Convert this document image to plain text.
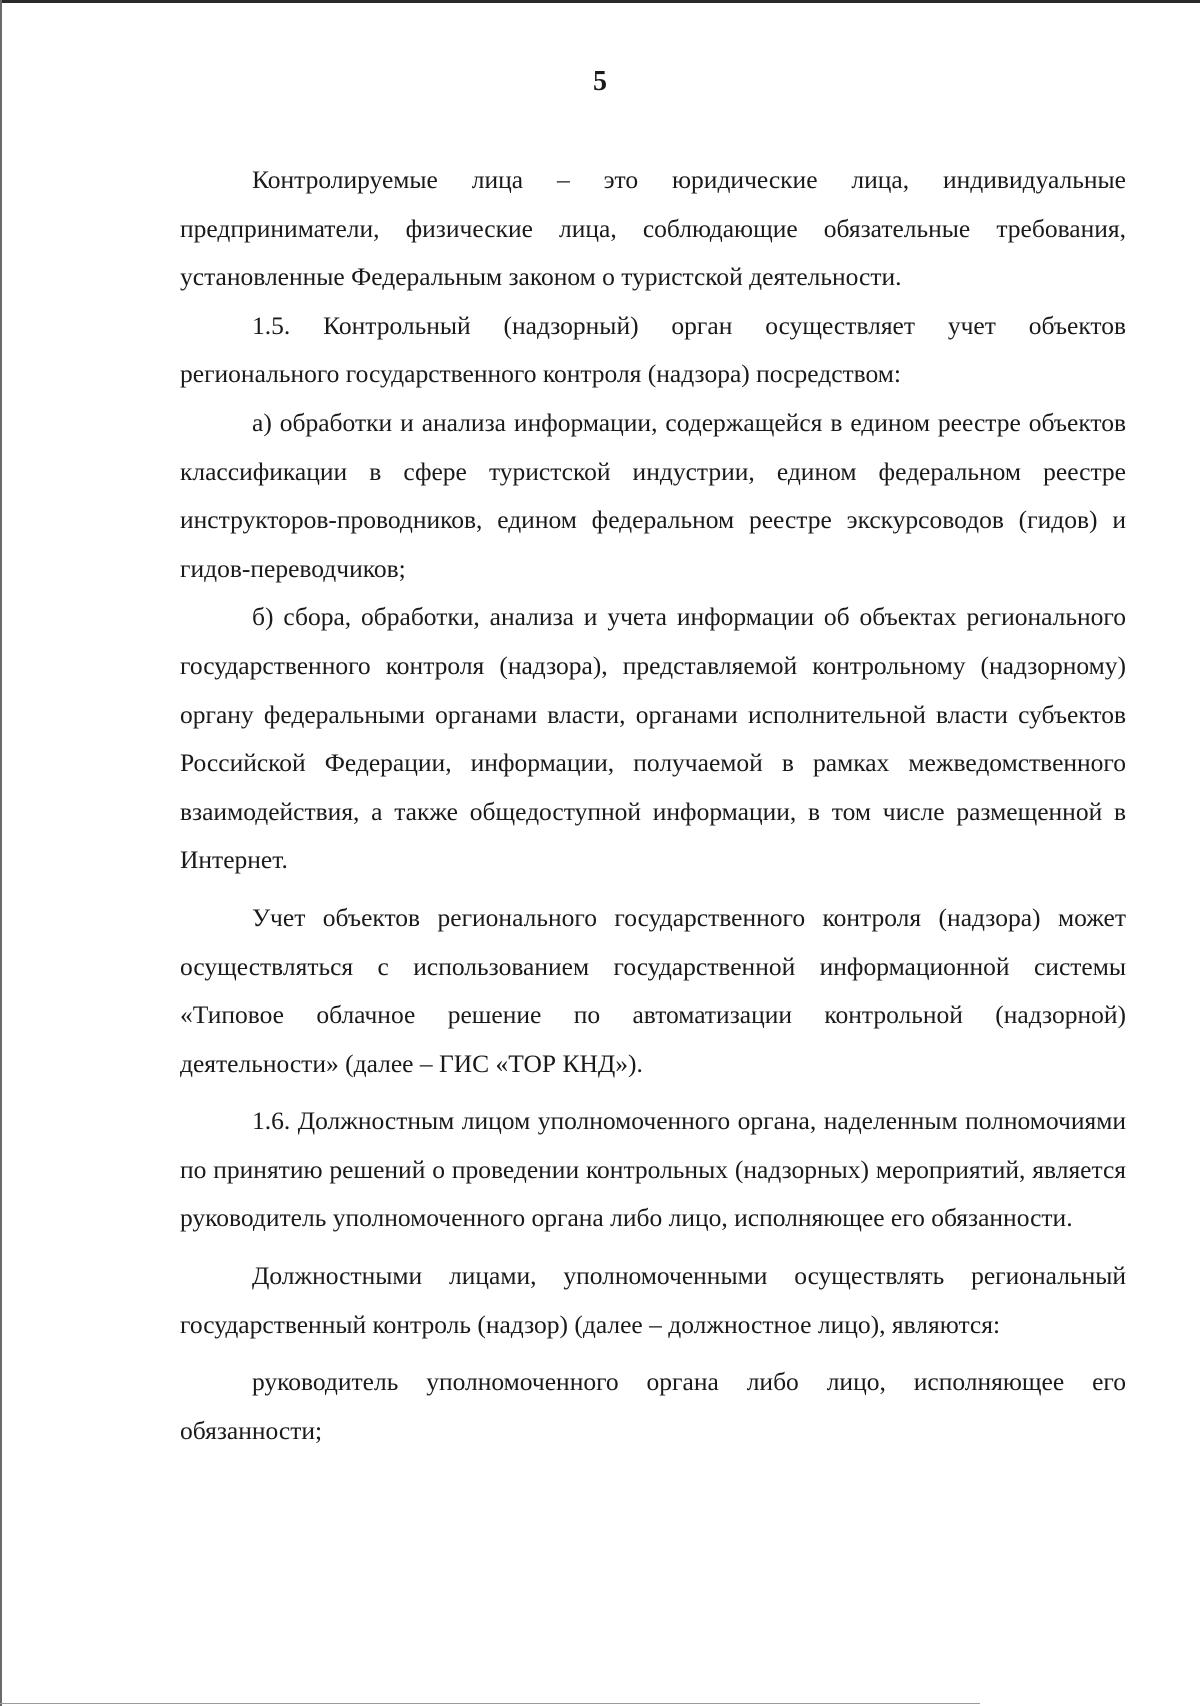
5

Контролируемые лица – это юридические лица, индивидуальные предприниматели, физические лица, соблюдающие обязательные требования, установленные Федеральным законом о туристской деятельности.

1.5. Контрольный (надзорный) орган осуществляет учет объектов регионального государственного контроля (надзора) посредством:

а) обработки и анализа информации, содержащейся в едином реестре объектов классификации в сфере туристской индустрии, едином федеральном реестре инструкторов-проводников, едином федеральном реестре экскурсоводов (гидов) и гидов-переводчиков;

б) сбора, обработки, анализа и учета информации об объектах регионального государственного контроля (надзора), представляемой контрольному (надзорному) органу федеральными органами власти, органами исполнительной власти субъектов Российской Федерации, информации, получаемой в рамках межведомственного взаимодействия, а также общедоступной информации, в том числе размещенной в Интернет.

Учет объектов регионального государственного контроля (надзора) может осуществляться с использованием государственной информационной системы «Типовое облачное решение по автоматизации контрольной (надзорной) деятельности» (далее – ГИС «ТОР КНД»).

1.6. Должностным лицом уполномоченного органа, наделенным полномочиями по принятию решений о проведении контрольных (надзорных) мероприятий, является руководитель уполномоченного органа либо лицо, исполняющее его обязанности.

Должностными лицами, уполномоченными осуществлять региональный государственный контроль (надзор) (далее – должностное лицо), являются:

руководитель уполномоченного органа либо лицо, исполняющее его обязанности;
